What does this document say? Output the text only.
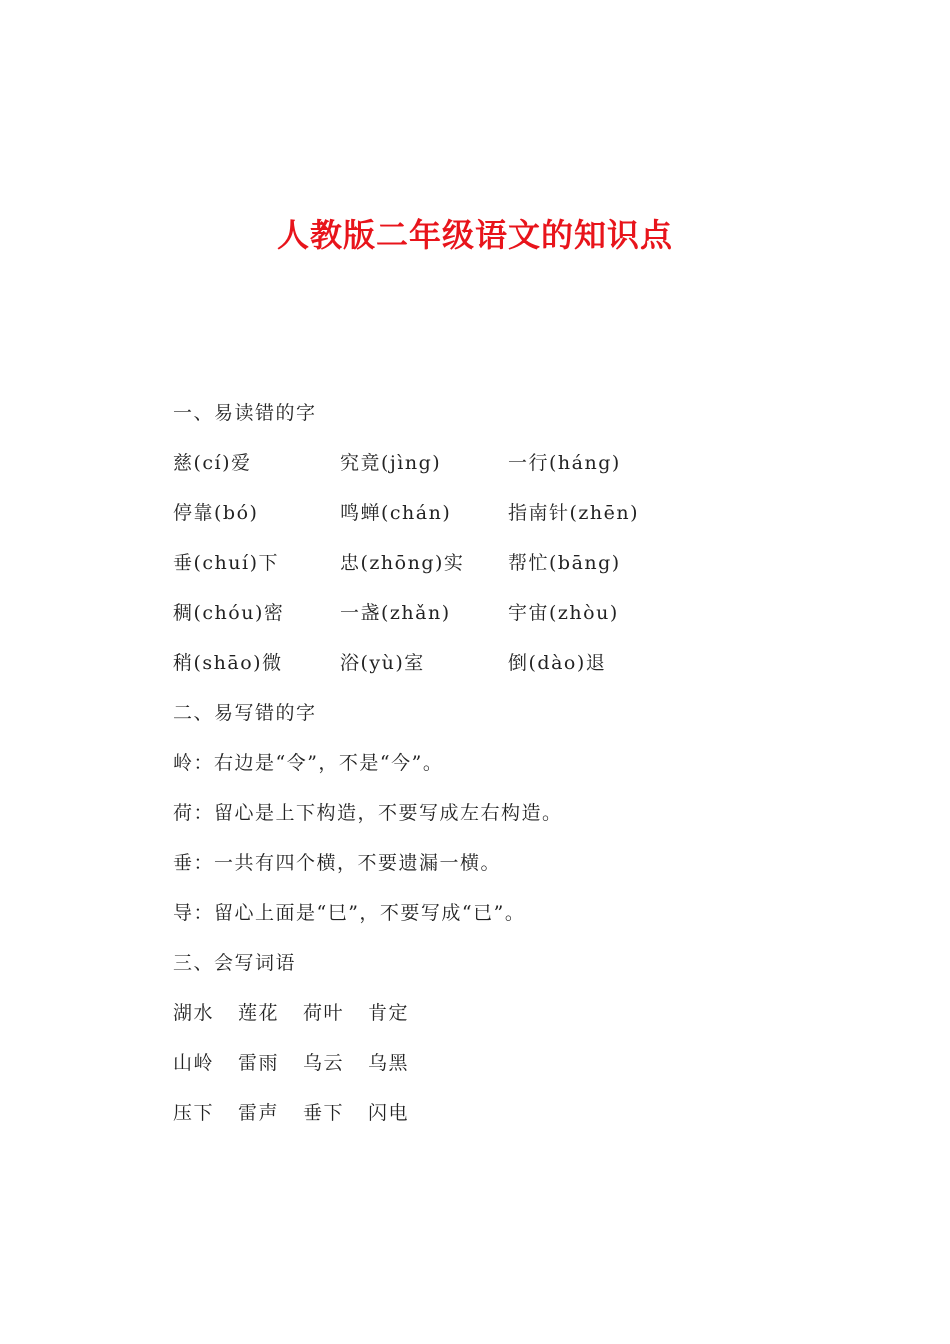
人教版二年级语文的知识点
一、易读错的字
慈(cí)爱	究竟(jìng)	一行(háng)
停靠(bó)	鸣蝉(chán)	指南针(zhēn)
垂(chuí)下	忠(zhōng)实	帮忙(bāng)
稠(chóu)密	一盏(zhǎn)	宇宙(zhòu)
稍(shāo)微	浴(yù)室	倒(dào)退
二、易写错的字
岭：右边是“令”，不是“今”。
荷：留心是上下构造，不要写成左右构造。
垂：一共有四个横，不要遗漏一横。
导：留心上面是“巳”，不要写成“已”。
三、会写词语
湖水 莲花 荷叶 肯定
山岭 雷雨 乌云 乌黑
压下 雷声 垂下 闪电
